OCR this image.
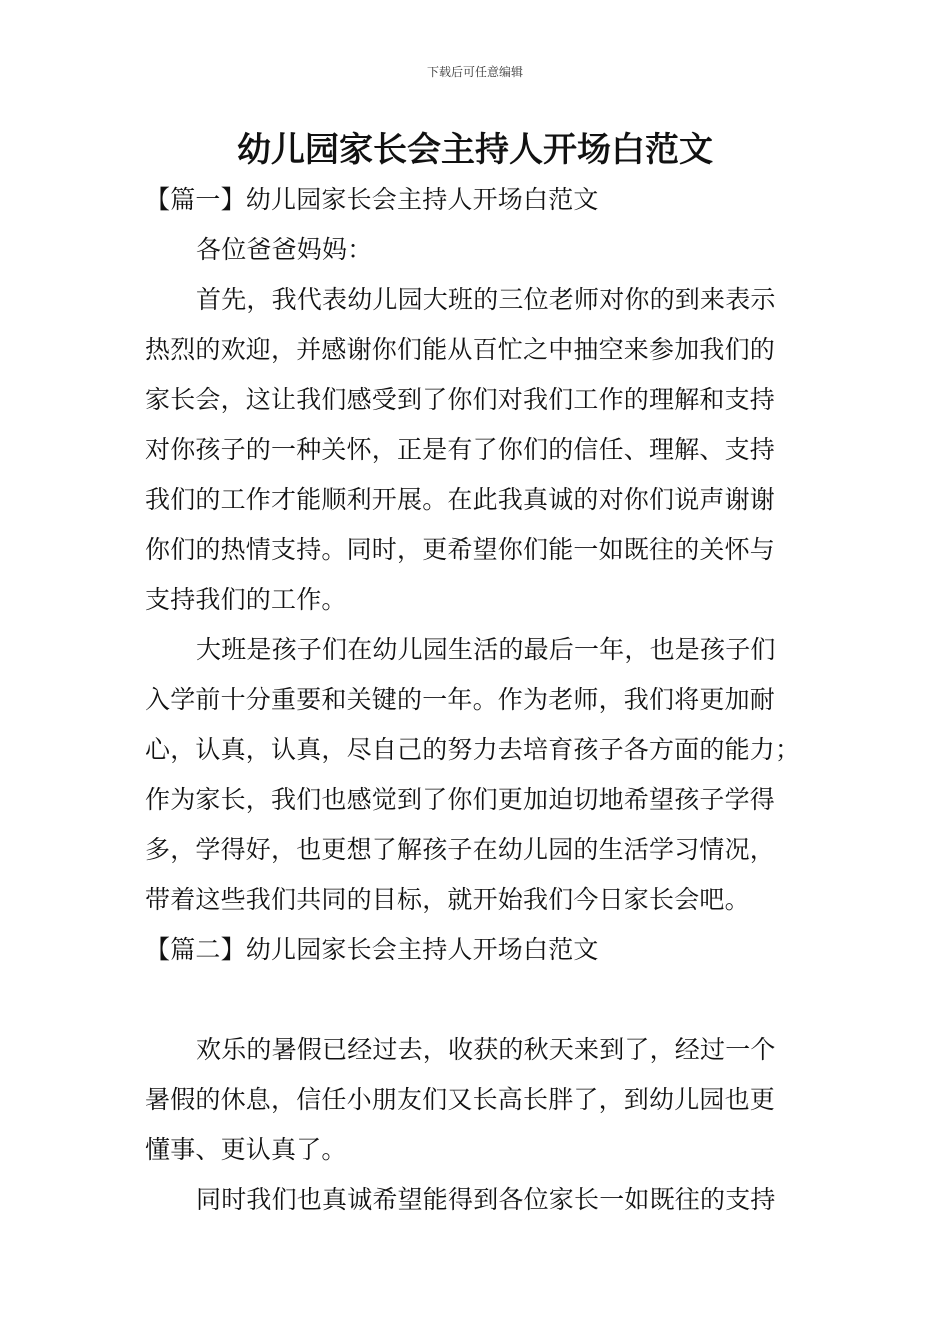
下载后可任意编辑
幼儿园家长会主持人开场白范文
【篇一】幼儿园家长会主持人开场白范文
各位爸爸妈妈：
首先，我代表幼儿园大班的三位老师对你的到来表示
热烈的欢迎，并感谢你们能从百忙之中抽空来参加我们的
家长会，这让我们感受到了你们对我们工作的理解和支持
对你孩子的一种关怀，正是有了你们的信任、理解、支持
我们的工作才能顺利开展。在此我真诚的对你们说声谢谢
你们的热情支持。同时，更希望你们能一如既往的关怀与
支持我们的工作。
大班是孩子们在幼儿园生活的最后一年，也是孩子们
入学前十分重要和关键的一年。作为老师，我们将更加耐
心，认真，认真，尽自己的努力去培育孩子各方面的能力；
作为家长，我们也感觉到了你们更加迫切地希望孩子学得
多，学得好，也更想了解孩子在幼儿园的生活学习情况，
带着这些我们共同的目标，就开始我们今日家长会吧。
【篇二】幼儿园家长会主持人开场白范文
欢乐的暑假已经过去，收获的秋天来到了，经过一个
暑假的休息，信任小朋友们又长高长胖了，到幼儿园也更
懂事、更认真了。
同时我们也真诚希望能得到各位家长一如既往的支持
